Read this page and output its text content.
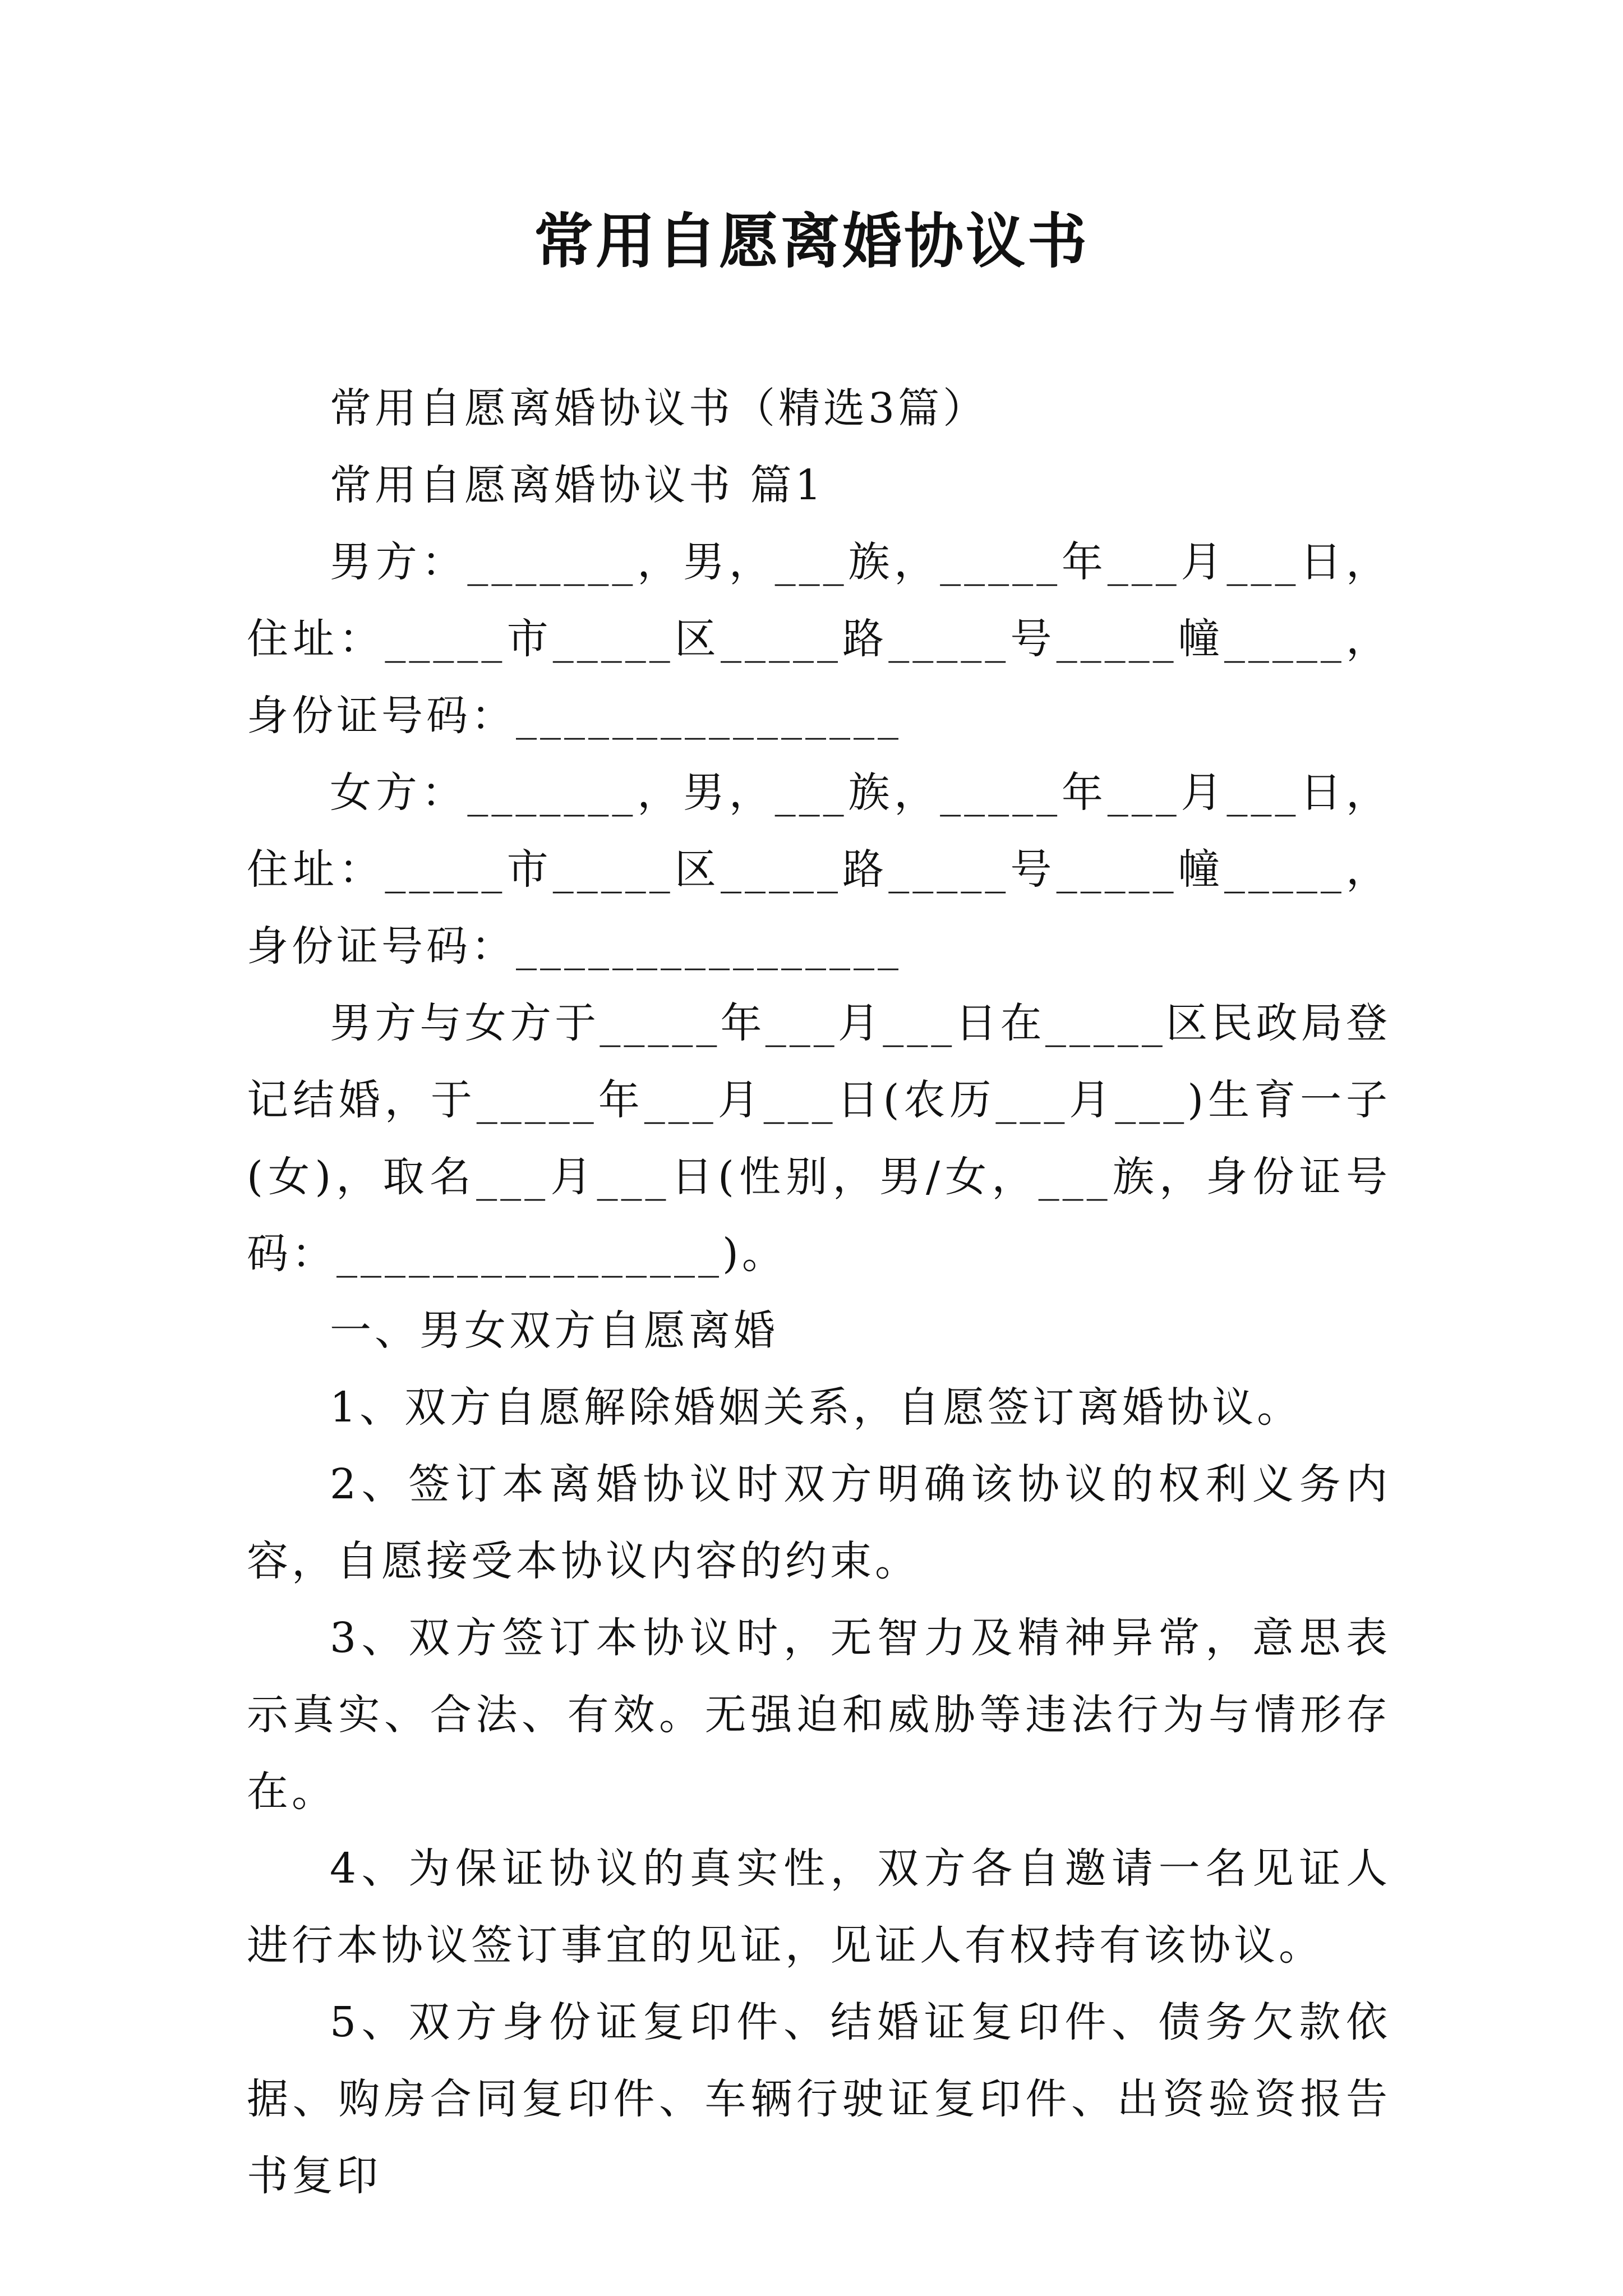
常用自愿离婚协议书

常用自愿离婚协议书（精选3篇）

常用自愿离婚协议书 篇1

男方：_______，男，___族，_____年___月___日，住址：_____市_____区_____路_____号_____幢_____，身份证号码：________________

女方：_______，男，___族，_____年___月___日，住址：_____市_____区_____路_____号_____幢_____，身份证号码：________________

男方与女方于_____年___月___日在_____区民政局登记结婚，于_____年___月___日(农历___月___)生育一子(女)，取名___月___日(性别，男/女，___族，身份证号码：________________)。

一、男女双方自愿离婚

1、双方自愿解除婚姻关系，自愿签订离婚协议。

2、签订本离婚协议时双方明确该协议的权利义务内容，自愿接受本协议内容的约束。

3、双方签订本协议时，无智力及精神异常，意思表示真实、合法、有效。无强迫和威胁等违法行为与情形存在。

4、为保证协议的真实性，双方各自邀请一名见证人进行本协议签订事宜的见证，见证人有权持有该协议。

5、双方身份证复印件、结婚证复印件、债务欠款依据、购房合同复印件、车辆行驶证复印件、出资验资报告书复印
